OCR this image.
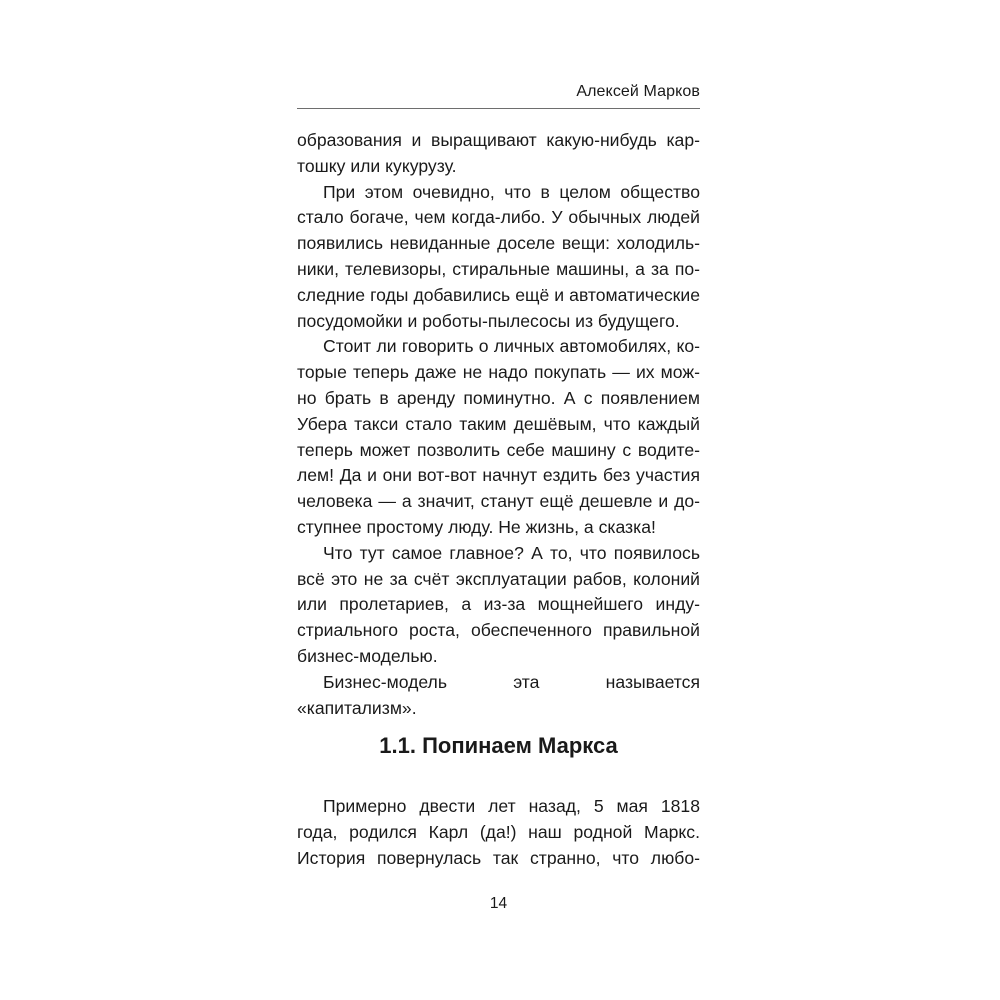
Алексей Марков

образования и выращивают какую-нибудь картошку или кукурузу.

При этом очевидно, что в целом общество стало богаче, чем когда-либо. У обычных людей появились невиданные доселе вещи: холодильники, телевизоры, стиральные машины, а за последние годы добавились ещё и автоматические посудомойки и роботы-пылесосы из будущего.

Стоит ли говорить о личных автомобилях, которые теперь даже не надо покупать — их можно брать в аренду поминутно. А с появлением Убера такси стало таким дешёвым, что каждый теперь может позволить себе машину с водителем! Да и они вот-вот начнут ездить без участия человека — а значит, станут ещё дешевле и доступнее простому люду. Не жизнь, а сказка!

Что тут самое главное? А то, что появилось всё это не за счёт эксплуатации рабов, колоний или пролетариев, а из-за мощнейшего индустриального роста, обеспеченного правильной бизнес-моделью.

Бизнес-модель эта называется «капитализм».

1.1. Попинаем Маркса

Примерно двести лет назад, 5 мая 1818 года, родился Карл (да!) наш родной Маркс. История повернулась так странно, что любо-

14
